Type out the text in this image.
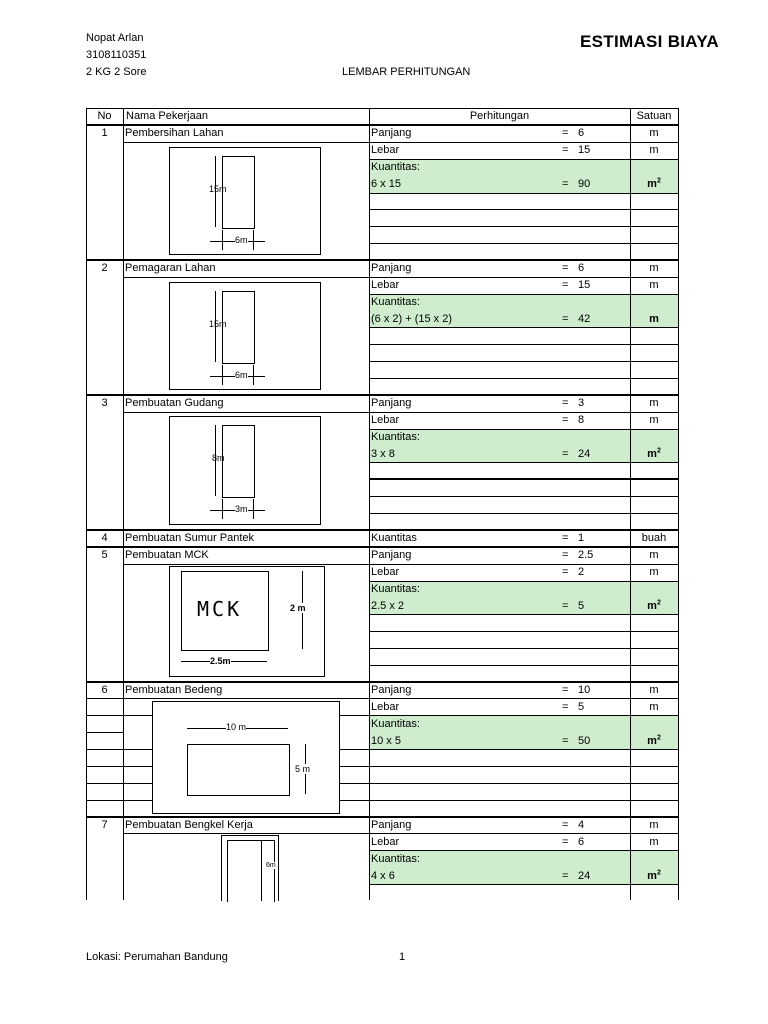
Nopat Arlan
3108110351
2 KG 2 Sore	LEMBAR PERHITUNGAN
ESTIMASI BIAYA
No	Nama Pekerjaan	Perhitungan	Satuan
1	Pembersihan Lahan	Panjang	= 6	m
Lebar	= 15	m
Kuantitas:
6 x 15	= 90	$m^2$
2	Pemagaran Lahan	Panjang	= 6	m
Lebar	= 15	m
Kuantitas:
(6 x 2) + (15 x 2)	= 42	m
3	Pembuatan Gudang	Panjang	= 3	m
Lebar	= 8	m
Kuantitas:
3 x 8	= 24	$m^2$
4	Pembuatan Sumur Pantek	Kuantitas	= 1	buah
5	Pembuatan MCK	Panjang	= 2.5	m
Lebar	= 2	m
Kuantitas:
2.5 x 2	= 5	$m^2$
6	Pembuatan Bedeng	Panjang	= 10	m
Lebar	= 5	m
Kuantitas:
10 x 5	= 50	$m^2$
7	Pembuatan Bengkel Kerja	Panjang	= 4	m
Lebar	= 6	m
Kuantitas:
4 x 6	= 24	$m^2$
15m
6m
15m
6m
8m
3m
MCK	2 m
2.5m
10 m
5 m
6m
Lokasi: Perumahan Bandung	1
